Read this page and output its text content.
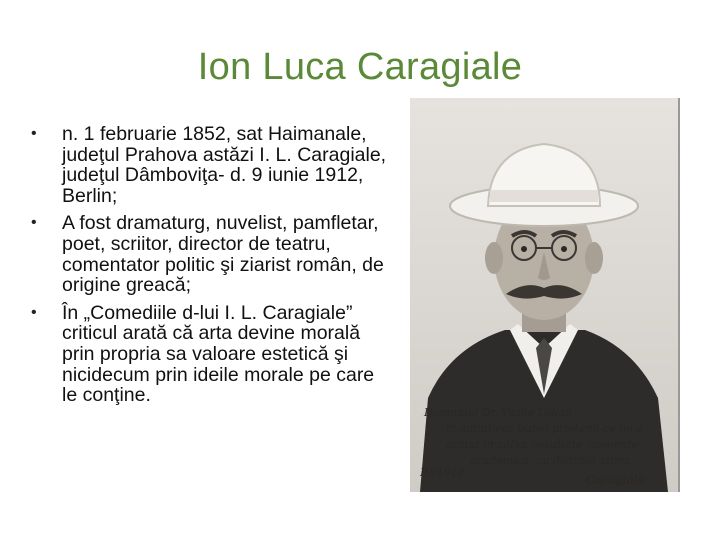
Ion Luca Caragiale
• n. 1 februarie 1852, sat Haimanale, judeţul Prahova astăzi I. L. Caragiale, judeţul Dâmboviţa- d. 9 iunie 1912, Berlin;
• A fost dramaturg, nuvelist, pamfletar, poet, scriitor, director de teatru, comentator politic şi ziarist român, de origine greacă;
• În „Comediile d-lui I. L. Caragiale” criticul arată că arta devine morală prin propria sa valoare estetică şi nicidecum prin ideile morale pe care le conţine.
Domnului Dr. Vasile Lohan
în amintirea bunei prietenii ce mi-a
arătat în cătva nesultate momente
academice, cu distinsă stima,
III/1912
Caragiale
